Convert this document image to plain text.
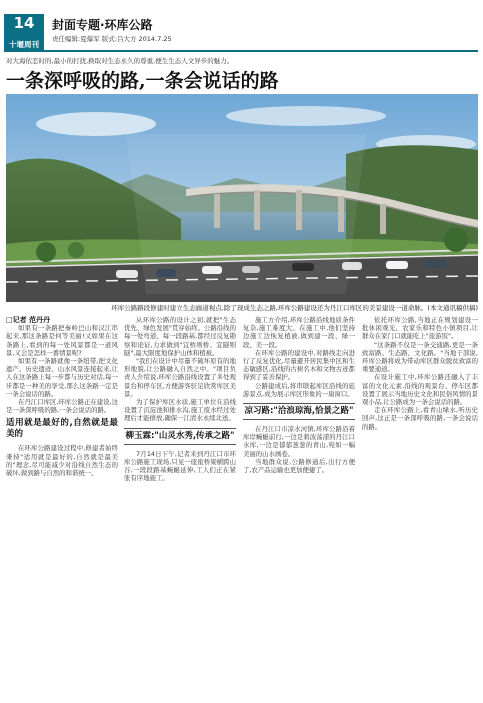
14
十堰周刊
封面专题·环库公路
责任编辑:夏爆军 版式:吕大方 2014.7.25
对大海依恋时的,最小的打扰,换取对生态永久的尊重,便生生态人文异步的魅力。
一条深呼吸的路,一条会说话的路
环库公路路段修建时建立生态廊道视点,除了现成生态之路,环库公路建设还为丹江口库区的美景建设一道命脉。(本文通讯稿供稿)

□记者 范丹丹

如果有一条路把秦岭巴山和汉江串起来,那这条路是何等美丽!又如果在这条路上,看到的每一处风景都是一道风景,又会是怎样一番情景呢?

如果有一条路就像一条纽带,把文化遗产、历史遗迹、山水风景连接起来,让人在这条路上每一步都与历史对话,每一步都是一种美的享受,那么这条路一定是一条会说话的路。

在丹江口库区,环库公路正在建设,这是一条深呼吸的路,一条会说话的路。

适用就是最好的,自然就是最美的

在环库公路建设过程中,修建者始终秉持"适用就是最好的,自然就是最美的"理念,尽可能减少对沿线自然生态的破坏,做到路与自然的和谐统一。

从环库公路的设计之初,就把"生态优先、绿色发展"贯穿始终。公路沿线的每一处弯道、每一段路基,都经过反复勘察和论证,力求做到"宜桥则桥、宜隧则隧",最大限度地保护山体和植被。

"我们在设计中尽量不破坏原有的地形地貌,让公路融入自然之中。"项目负责人介绍说,环库公路沿线设置了多处观景台和停车区,方便游客驻足欣赏库区美景。

为了保护库区水质,施工单位在沿线设置了沉淀池和排水沟,施工废水经过处理后才能排放,确保一江清水永续北送。

柳玉霖:"山灵水秀,传承之路"

7月14日下午,记者来到丹江口市环库公路施工现场,只见一座座桥梁横跨山谷,一段段路基蜿蜒延伸,工人们正在紧张有序地施工。

施工方介绍,环库公路沿线地质条件复杂,施工难度大。在施工中,他们坚持边施工边恢复植被,做到建一段、绿一段、美一段。

在环库公路的建设中,对路线走向进行了反复优化,尽量避开居民集中区和生态敏感区,沿线的古树名木和文物古迹都得到了妥善保护。

公路建成后,将串联起库区沿线的旅游景点,成为展示库区形象的一扇窗口。

凉习路:"洽浪琼海,恰景之路"

在丹江口市凉水河镇,环库公路沿着库岸蜿蜒前行,一边是碧波荡漾的丹江口水库,一边是郁郁葱葱的青山,宛如一幅美丽的山水画卷。

当地群众说,公路修通后,出行方便了,农产品运输也更加便捷了。

依托环库公路,当地正在规划建设一批休闲观光、农家乐和特色小镇项目,让群众在家门口就能吃上"旅游饭"。

"这条路不仅是一条交通路,更是一条致富路、生态路、文化路。"当地干部说,环库公路将成为带动库区群众脱贫致富的重要通道。

在设计施工中,环库公路还融入了丰富的文化元素,沿线的观景台、停车区都设置了展示当地历史文化和民俗风情的景观小品,让公路成为一条会说话的路。

走在环库公路上,看青山绿水,听历史回声,这正是一条深呼吸的路,一条会说话的路。
